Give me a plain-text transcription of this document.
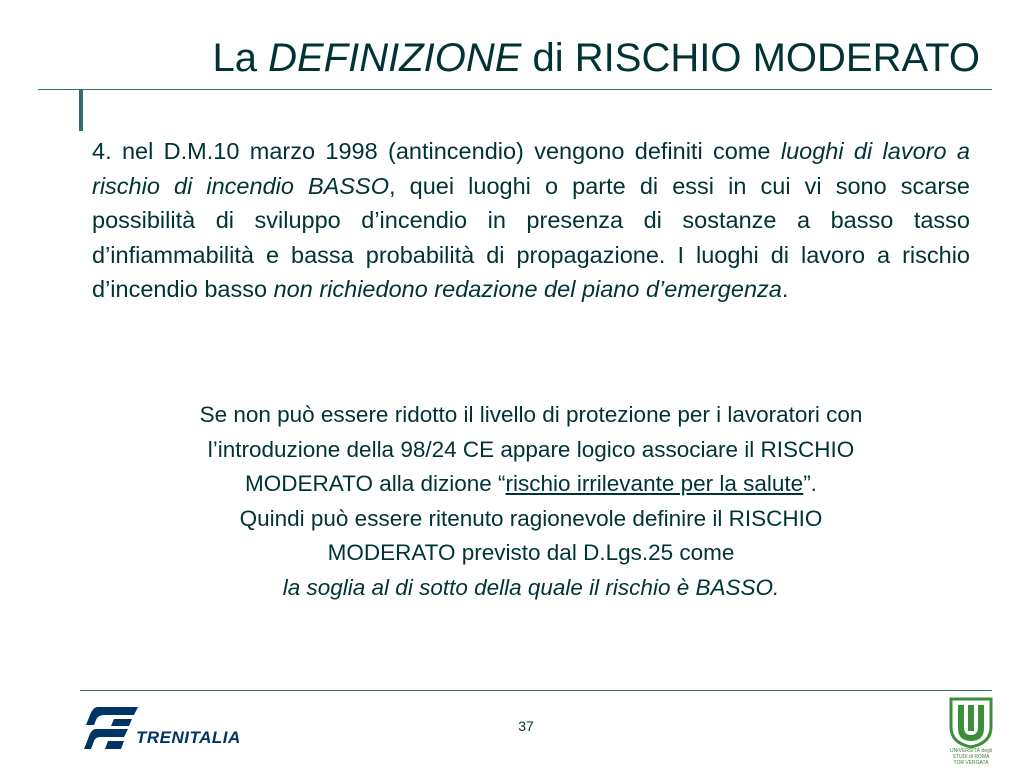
La DEFINIZIONE di RISCHIO MODERATO
4. nel D.M.10 marzo 1998 (antincendio) vengono definiti come luoghi di lavoro a rischio di incendio BASSO, quei luoghi o parte di essi in cui vi sono scarse possibilità di sviluppo d’incendio in presenza di sostanze a basso tasso d’infiammabilità e bassa probabilità di propagazione. I luoghi di lavoro a rischio d’incendio basso non richiedono redazione del piano d’emergenza.
Se non può essere ridotto il livello di protezione per i lavoratori con
l’introduzione della 98/24 CE appare logico associare il RISCHIO
MODERATO alla dizione “rischio irrilevante per la salute”.
Quindi può essere ritenuto ragionevole definire il RISCHIO
MODERATO previsto dal D.Lgs.25 come
la soglia al di sotto della quale il rischio è BASSO.
TRENITALIA
37
UNIVERSITÀ degli STUDI di ROMA
TOR VERGATA
